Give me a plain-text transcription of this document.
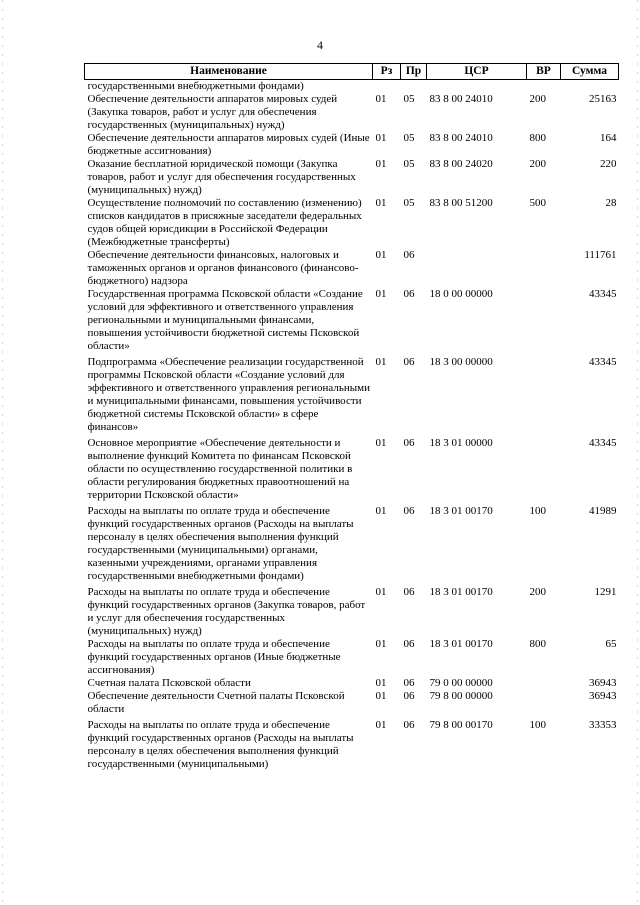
4
Наименование	Рз	Пр	ЦСР	ВР	Сумма
государственными внебюджетными фондами)					
Обеспечение деятельности аппаратов мировых судей (Закупка товаров, работ и услуг для обеспечения государственных (муниципальных) нужд)	01	05	83 8 00 24010	200	25163
Обеспечение деятельности аппаратов мировых судей (Иные бюджетные ассигнования)	01	05	83 8 00 24010	800	164
Оказание бесплатной юридической помощи (Закупка товаров, работ и услуг для обеспечения государственных (муниципальных) нужд)	01	05	83 8 00 24020	200	220
Осуществление полномочий по составлению (изменению) списков кандидатов в присяжные заседатели федеральных судов общей юрисдикции в Российской Федерации (Межбюджетные трансферты)	01	05	83 8 00 51200	500	28
Обеспечение деятельности финансовых, налоговых и таможенных органов и органов финансового (финансово-бюджетного) надзора	01	06			111761
Государственная программа Псковской области «Создание условий для эффективного и ответственного управления региональными и муниципальными финансами, повышения устойчивости бюджетной системы Псковской области»	01	06	18 0 00 00000		43345
Подпрограмма «Обеспечение реализации государственной программы Псковской области «Создание условий для эффективного и ответственного управления региональными и муниципальными финансами, повышения устойчивости бюджетной системы Псковской области» в сфере финансов»	01	06	18 3 00 00000		43345
Основное мероприятие «Обеспечение деятельности и выполнение функций Комитета по финансам Псковской области по осуществлению государственной политики в области регулирования бюджетных правоотношений на территории Псковской области»	01	06	18 3 01 00000		43345
Расходы на выплаты по оплате труда и обеспечение функций государственных органов (Расходы на выплаты персоналу в целях обеспечения выполнения функций государственными (муниципальными) органами, казенными учреждениями, органами управления государственными внебюджетными фондами)	01	06	18 3 01 00170	100	41989
Расходы на выплаты по оплате труда и обеспечение функций государственных органов (Закупка товаров, работ и услуг для обеспечения государственных (муниципальных) нужд)	01	06	18 3 01 00170	200	1291
Расходы на выплаты по оплате труда и обеспечение функций государственных органов (Иные бюджетные ассигнования)	01	06	18 3 01 00170	800	65
Счетная палата Псковской области	01	06	79 0 00 00000		36943
Обеспечение деятельности Счетной палаты Псковской области	01	06	79 8 00 00000		36943
Расходы на выплаты по оплате труда и обеспечение функций государственных органов (Расходы на выплаты персоналу в целях обеспечения выполнения функций государственными (муниципальными)	01	06	79 8 00 00170	100	33353
